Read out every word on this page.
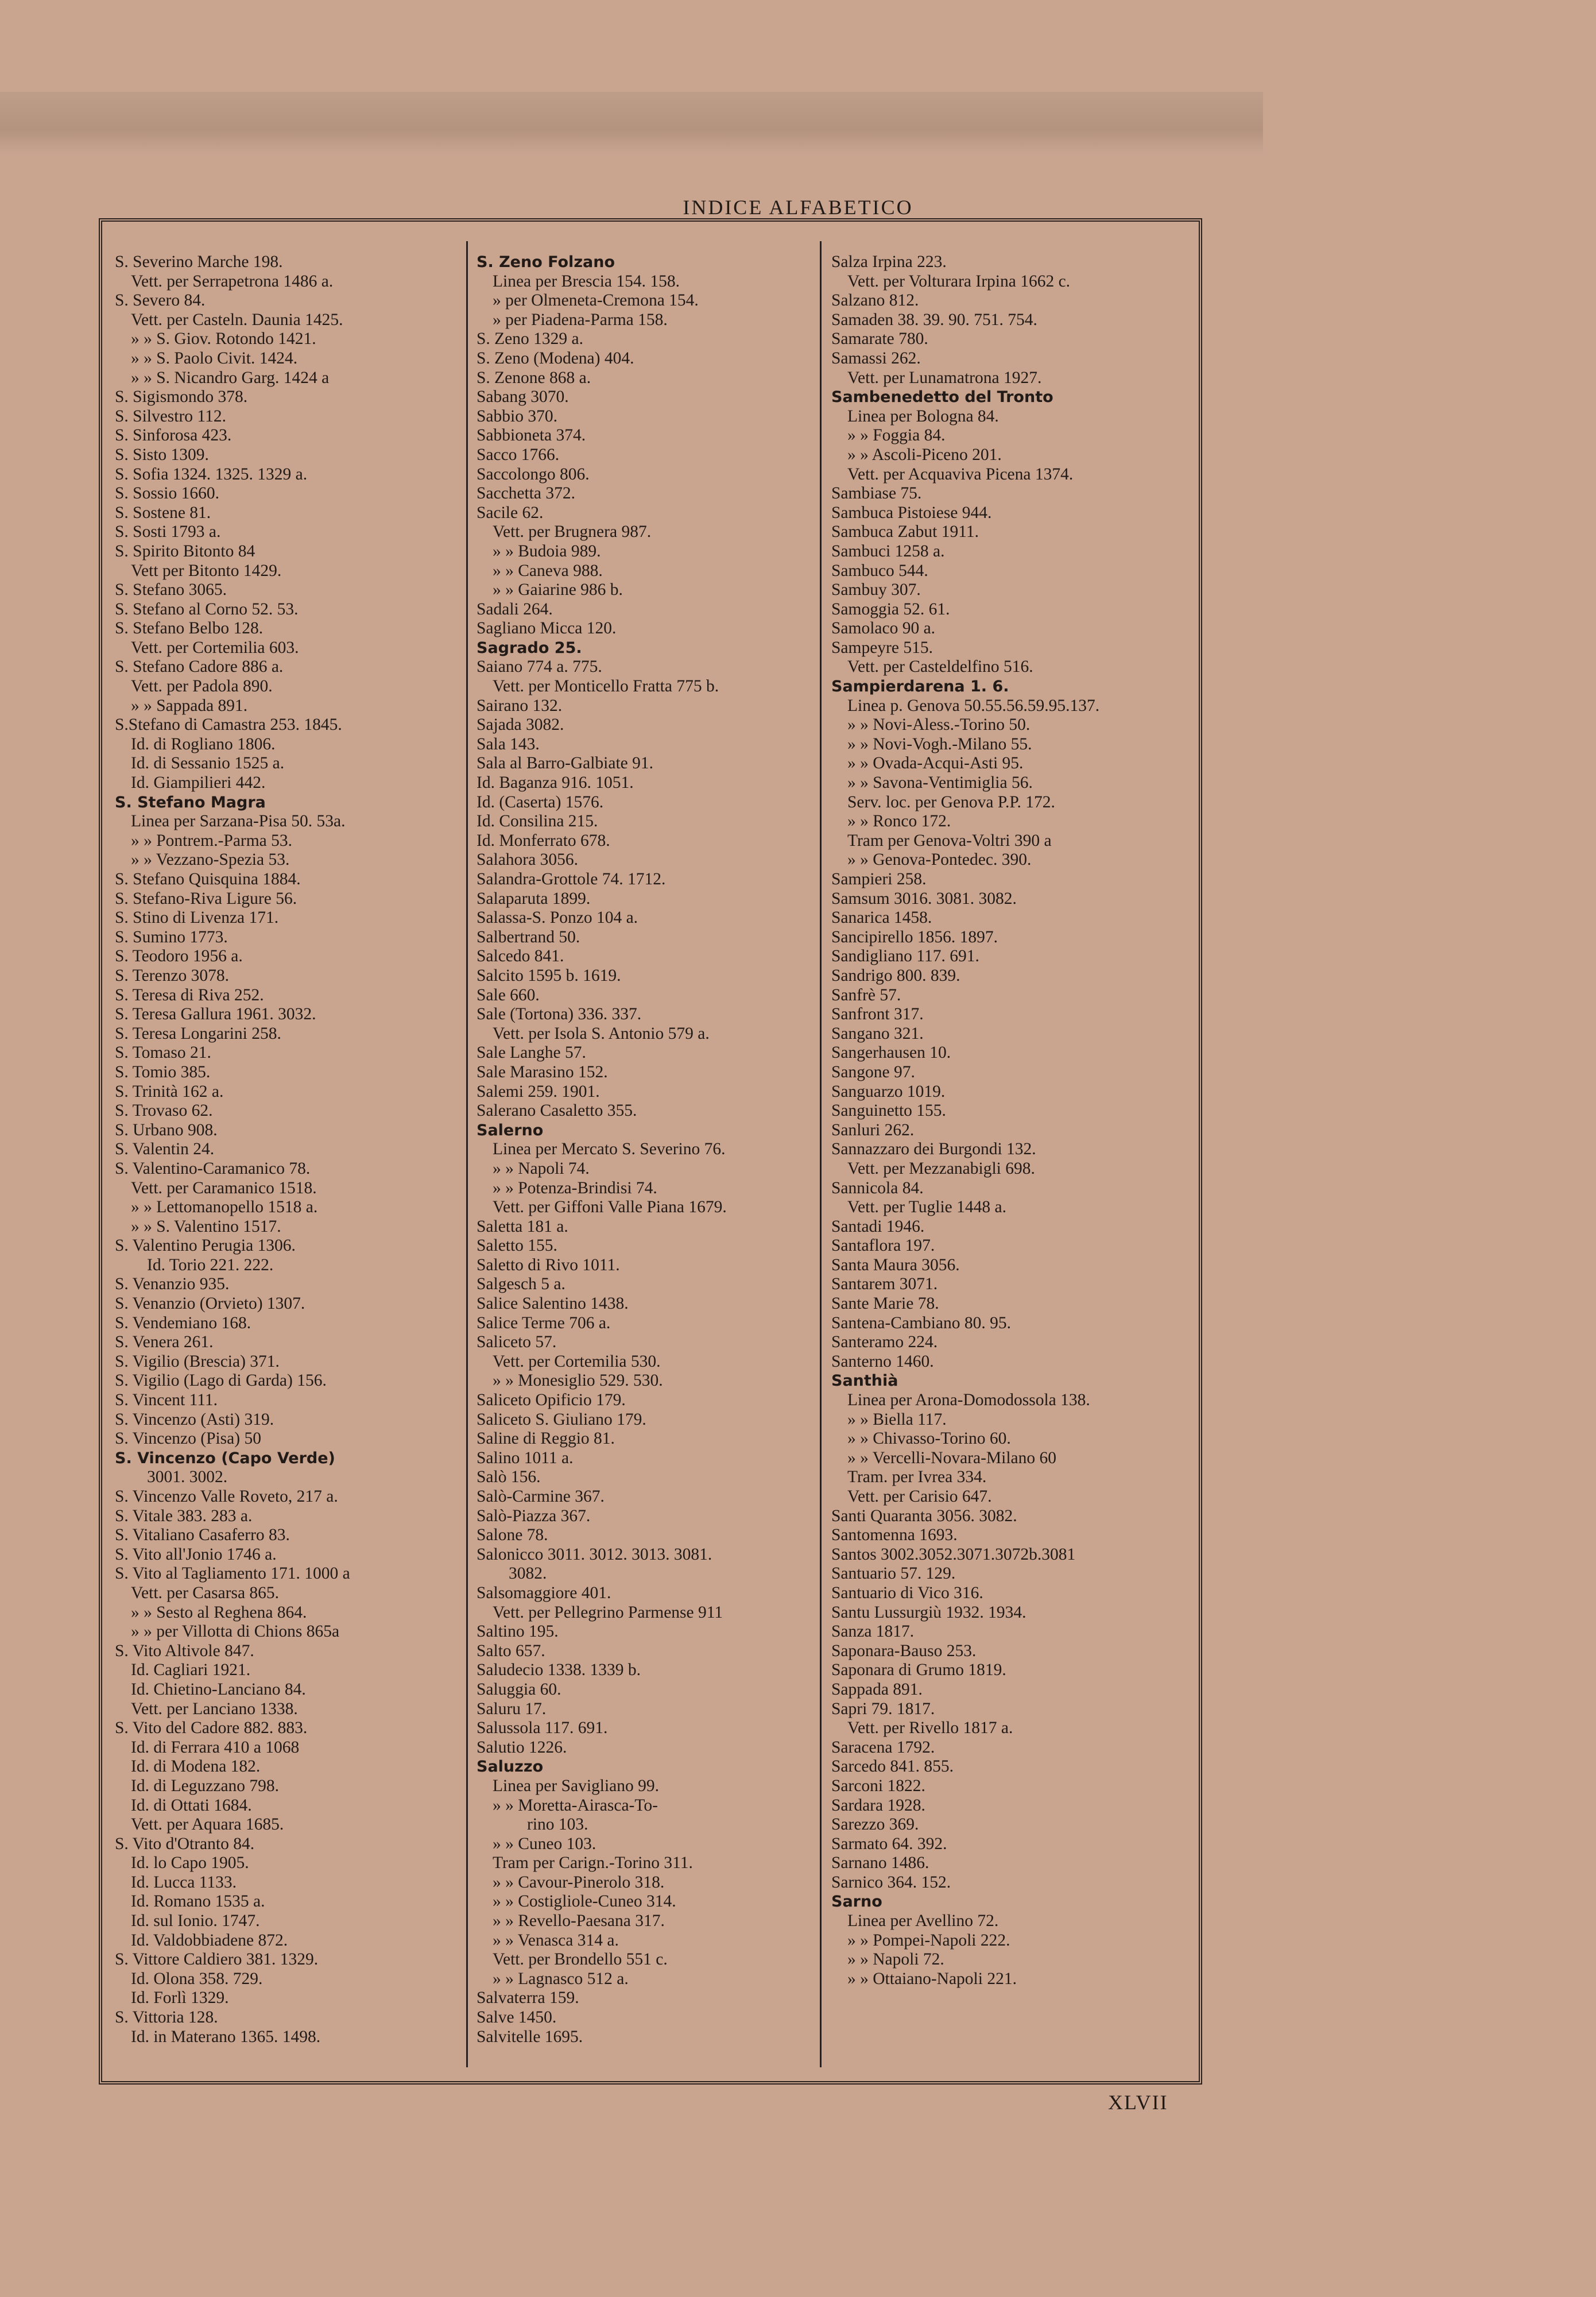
INDICE ALFABETICO
S. Severino Marche 198.
Vett. per Serrapetrona 1486 a.
S. Severo 84.
Vett. per Casteln. Daunia 1425.
» » S. Giov. Rotondo 1421.
» » S. Paolo Civit. 1424.
» » S. Nicandro Garg. 1424 a
S. Sigismondo 378.
S. Silvestro 112.
S. Sinforosa 423.
S. Sisto 1309.
S. Sofia 1324. 1325. 1329 a.
S. Sossio 1660.
S. Sostene 81.
S. Sosti 1793 a.
S. Spirito Bitonto 84
Vett per Bitonto 1429.
S. Stefano 3065.
S. Stefano al Corno 52. 53.
S. Stefano Belbo 128.
Vett. per Cortemilia 603.
S. Stefano Cadore 886 a.
Vett. per Padola 890.
» » Sappada 891.
S.Stefano di Camastra 253. 1845.
Id. di Rogliano 1806.
Id. di Sessanio 1525 a.
Id. Giampilieri 442.
S. Stefano Magra
Linea per Sarzana-Pisa 50. 53a.
» » Pontrem.-Parma 53.
» » Vezzano-Spezia 53.
S. Stefano Quisquina 1884.
S. Stefano-Riva Ligure 56.
S. Stino di Livenza 171.
S. Sumino 1773.
S. Teodoro 1956 a.
S. Terenzo 3078.
S. Teresa di Riva 252.
S. Teresa Gallura 1961. 3032.
S. Teresa Longarini 258.
S. Tomaso 21.
S. Tomio 385.
S. Trinità 162 a.
S. Trovaso 62.
S. Urbano 908.
S. Valentin 24.
S. Valentino-Caramanico 78.
Vett. per Caramanico 1518.
» » Lettomanopello 1518 a.
» » S. Valentino 1517.
S. Valentino Perugia 1306.
Id. Torio 221. 222.
S. Venanzio 935.
S. Venanzio (Orvieto) 1307.
S. Vendemiano 168.
S. Venera 261.
S. Vigilio (Brescia) 371.
S. Vigilio (Lago di Garda) 156.
S. Vincent 111.
S. Vincenzo (Asti) 319.
S. Vincenzo (Pisa) 50
S. Vincenzo (Capo Verde)
3001. 3002.
S. Vincenzo Valle Roveto, 217 a.
S. Vitale 383. 283 a.
S. Vitaliano Casaferro 83.
S. Vito all'Jonio 1746 a.
S. Vito al Tagliamento 171. 1000 a
Vett. per Casarsa 865.
» » Sesto al Reghena 864.
» » per Villotta di Chions 865a
S. Vito Altivole 847.
Id. Cagliari 1921.
Id. Chietino-Lanciano 84.
Vett. per Lanciano 1338.
S. Vito del Cadore 882. 883.
Id. di Ferrara 410 a 1068
Id. di Modena 182.
Id. di Leguzzano 798.
Id. di Ottati 1684.
Vett. per Aquara 1685.
S. Vito d'Otranto 84.
Id. lo Capo 1905.
Id. Lucca 1133.
Id. Romano 1535 a.
Id. sul Ionio. 1747.
Id. Valdobbiadene 872.
S. Vittore Caldiero 381. 1329.
Id. Olona 358. 729.
Id. Forlì 1329.
S. Vittoria 128.
Id. in Materano 1365. 1498.
S. Zeno Folzano
Linea per Brescia 154. 158.
» per Olmeneta-Cremona 154.
» per Piadena-Parma 158.
S. Zeno 1329 a.
S. Zeno (Modena) 404.
S. Zenone 868 a.
Sabang 3070.
Sabbio 370.
Sabbioneta 374.
Sacco 1766.
Saccolongo 806.
Sacchetta 372.
Sacile 62.
Vett. per Brugnera 987.
» » Budoia 989.
» » Caneva 988.
» » Gaiarine 986 b.
Sadali 264.
Sagliano Micca 120.
Sagrado 25.
Saiano 774 a. 775.
Vett. per Monticello Fratta 775 b.
Sairano 132.
Sajada 3082.
Sala 143.
Sala al Barro-Galbiate 91.
Id. Baganza 916. 1051.
Id. (Caserta) 1576.
Id. Consilina 215.
Id. Monferrato 678.
Salahora 3056.
Salandra-Grottole 74. 1712.
Salaparuta 1899.
Salassa-S. Ponzo 104 a.
Salbertrand 50.
Salcedo 841.
Salcito 1595 b. 1619.
Sale 660.
Sale (Tortona) 336. 337.
Vett. per Isola S. Antonio 579 a.
Sale Langhe 57.
Sale Marasino 152.
Salemi 259. 1901.
Salerano Casaletto 355.
Salerno
Linea per Mercato S. Severino 76.
» » Napoli 74.
» » Potenza-Brindisi 74.
Vett. per Giffoni Valle Piana 1679.
Saletta 181 a.
Saletto 155.
Saletto di Rivo 1011.
Salgesch 5 a.
Salice Salentino 1438.
Salice Terme 706 a.
Saliceto 57.
Vett. per Cortemilia 530.
» » Monesiglio 529. 530.
Saliceto Opificio 179.
Saliceto S. Giuliano 179.
Saline di Reggio 81.
Salino 1011 a.
Salò 156.
Salò-Carmine 367.
Salò-Piazza 367.
Salone 78.
Salonicco 3011. 3012. 3013. 3081.
3082.
Salsomaggiore 401.
Vett. per Pellegrino Parmense 911
Saltino 195.
Salto 657.
Saludecio 1338. 1339 b.
Saluggia 60.
Saluru 17.
Salussola 117. 691.
Salutio 1226.
Saluzzo
Linea per Savigliano 99.
» » Moretta-Airasca-To-
rino 103.
» » Cuneo 103.
Tram per Carign.-Torino 311.
» » Cavour-Pinerolo 318.
» » Costigliole-Cuneo 314.
» » Revello-Paesana 317.
» » Venasca 314 a.
Vett. per Brondello 551 c.
» » Lagnasco 512 a.
Salvaterra 159.
Salve 1450.
Salvitelle 1695.
Salza Irpina 223.
Vett. per Volturara Irpina 1662 c.
Salzano 812.
Samaden 38. 39. 90. 751. 754.
Samarate 780.
Samassi 262.
Vett. per Lunamatrona 1927.
Sambenedetto del Tronto
Linea per Bologna 84.
» » Foggia 84.
» » Ascoli-Piceno 201.
Vett. per Acquaviva Picena 1374.
Sambiase 75.
Sambuca Pistoiese 944.
Sambuca Zabut 1911.
Sambuci 1258 a.
Sambuco 544.
Sambuy 307.
Samoggia 52. 61.
Samolaco 90 a.
Sampeyre 515.
Vett. per Casteldelfino 516.
Sampierdarena 1. 6.
Linea p. Genova 50.55.56.59.95.137.
» » Novi-Aless.-Torino 50.
» » Novi-Vogh.-Milano 55.
» » Ovada-Acqui-Asti 95.
» » Savona-Ventimiglia 56.
Serv. loc. per Genova P.P. 172.
» » Ronco 172.
Tram per Genova-Voltri 390 a
» » Genova-Pontedec. 390.
Sampieri 258.
Samsum 3016. 3081. 3082.
Sanarica 1458.
Sancipirello 1856. 1897.
Sandigliano 117. 691.
Sandrigo 800. 839.
Sanfrè 57.
Sanfront 317.
Sangano 321.
Sangerhausen 10.
Sangone 97.
Sanguarzo 1019.
Sanguinetto 155.
Sanluri 262.
Sannazzaro dei Burgondi 132.
Vett. per Mezzanabigli 698.
Sannicola 84.
Vett. per Tuglie 1448 a.
Santadi 1946.
Santaflora 197.
Santa Maura 3056.
Santarem 3071.
Sante Marie 78.
Santena-Cambiano 80. 95.
Santeramo 224.
Santerno 1460.
Santhià
Linea per Arona-Domodossola 138.
» » Biella 117.
» » Chivasso-Torino 60.
» » Vercelli-Novara-Milano 60
Tram. per Ivrea 334.
Vett. per Carisio 647.
Santi Quaranta 3056. 3082.
Santomenna 1693.
Santos 3002.3052.3071.3072b.3081
Santuario 57. 129.
Santuario di Vico 316.
Santu Lussurgiù 1932. 1934.
Sanza 1817.
Saponara-Bauso 253.
Saponara di Grumo 1819.
Sappada 891.
Sapri 79. 1817.
Vett. per Rivello 1817 a.
Saracena 1792.
Sarcedo 841. 855.
Sarconi 1822.
Sardara 1928.
Sarezzo 369.
Sarmato 64. 392.
Sarnano 1486.
Sarnico 364. 152.
Sarno
Linea per Avellino 72.
» » Pompei-Napoli 222.
» » Napoli 72.
» » Ottaiano-Napoli 221.
XLVII
